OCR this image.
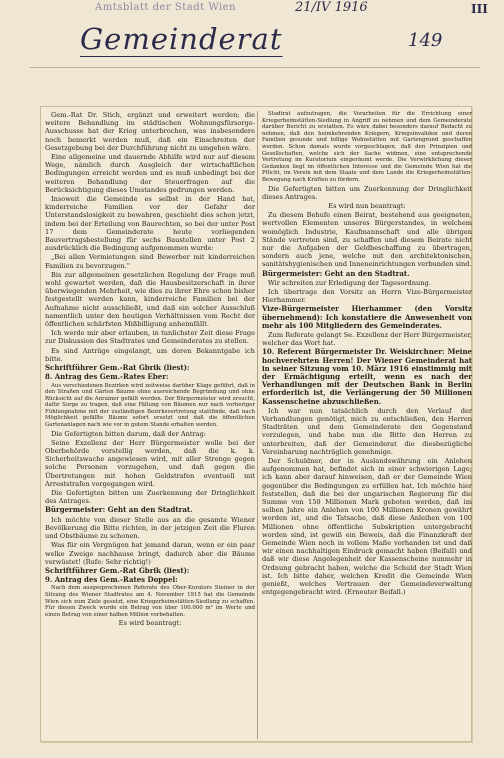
Amtsblatt der Stadt Wien	21/IV 1916	III
Gemeinderat	149

Gem.-Rat Dr. Stich, ergänzt und erweitert werden; die weitere Behandlung im städtischen Wohnungsfürsorge-Ausschusse hat der Krieg unterbrochen, was insbesondere noch bemerkt werden muß, daß ein Einschreiten der Gesetzgebung bei der Durchführung nicht zu umgehen wäre.

Eine allgemeine und dauernde Abhilfe wird nur auf diesem Wege, nämlich durch Ausgleich der wirtschaftlichen Bedingungen erreicht werden und es muß unbedingt bei der weiteren Behandlung der Steuerfragen auf die Berücksichtigung dieses Umstandes gedrungen werden.

Insoweit die Gemeinde es selbst in der Hand hat, kinderreiche Familien vor der Gefahr der Unterstandslosigkeit zu bewahren, geschieht dies schon jetzt, indem bei der Erteilung von Baurechten, so bei der unter Post 17 dem Gemeinderate heute vorliegenden Bauvertragsbestellung für sechs Baustellen unter Post 2 ausdrücklich die Bedingung aufgenommen wurde:

„Bei allen Vermietungen sind Bewerber mit kinderreichen Familien zu bevorzugen."

Bis zur allgemeinen gesetzlichen Regelung der Frage muß wohl gewartet werden, daß die Hausbesitzerschaft in ihrer überwiegenden Mehrheit, wie dies zu ihrer Ehre schon bisher festgestellt werden kann, kinderreiche Familien bei der Aufnahme nicht ausschließt, und daß ein solcher Ausschluß namentlich unter den heutigen Verhältnissen vom Recht der öffentlichen schärfsten Mißbilligung anheimfällt.

Ich werde mir aber erlauben, in tunlichster Zeit diese Frage zur Diskussion des Stadtrates und Gemeinderates zu stellen.

Es sind Anträge eingelangt, um deren Bekanntgabe ich bitte.

Schriftführer Gem.-Rat Gbrik (liest):

8. Antrag des Gem.-Rates Eber:

Aus verschiedenen Bezirken wird zeitweise darüber Klage geführt, daß in den Straßen und Gärten Bäume ohne ausreichende Begründung und ohne Rücksicht auf die Anrainer gefällt werden. Der Bürgermeister wird ersucht, dafür Sorge zu tragen, daß eine Fällung von Bäumen nur nach vorheriger Fühlungnahme mit der zuständigen Bezirksvertretung stattfinde, daß nach Möglichkeit gefällte Bäume sofort ersetzt und daß die öffentlichen Gartenanlagen nach wie vor in gutem Stande erhalten werden.

Die Gefertigten bitten darum, daß der Antrag:

Seine Exzellenz der Herr Bürgermeister wolle bei der Oberbehörde vorstellig werden, daß die k. k. Sicherheitswache angewiesen wird, mit aller Strenge gegen solche Personen vorzugehen, und daß gegen die Übertretungen mit hohen Geldstrafen eventuell mit Arreststrafen vorgegangen wird.

Die Gefertigten bitten um Zuerkennung der Dringlichkeit des Antrages.

Bürgermeister: Geht an den Stadtrat.

Ich möchte von dieser Stelle aus an die gesamte Wiener Bevölkerung die Bitte richten, in der jetzigen Zeit die Fluren und Obstbäume zu schonen.

Was für ein Vergnügen hat jemand daran, wenn er ein paar welke Zweige nachhause bringt, dadurch aber die Bäume verwüstet! (Rufe: Sehr richtig!)

Schriftführer Gem.-Rat Gbrik (liest):

9. Antrag des Gem.-Rates Doppel:

Nach dem ausgesprochenen Referate des Ober-Kurators Steiner in der Sitzung des Wiener Stadtrates am 4. November 1915 hat die Gemeinde Wien sich zum Ziele gesetzt, eine Kriegerheimstätten-Siedlung zu schaffen. Für diesen Zweck wurde ein Betrag von über 100.000 m² im Werte und einen Betrag von einer halben Million vorbehalten.

Es wird beantragt:

Stadtrat aufzutragen, die Vorarbeiten für die Errichtung einer Kriegerheimstätten-Siedlung in Angriff zu nehmen und dem Gemeinderate darüber Bericht zu erstatten. Es wäre dabei besonders darauf Bedacht zu nehmen, daß den heimkehrenden Kriegern, Kriegsinvaliden und deren Familien gesunde und billige Wohnstätten mit Gartengrund geschaffen werden. Schon damals wurde vorgeschlagen, daß den Prinzipien und Gesellschaften, welche sich der Sache widmen, eine entsprechende Vertretung im Kuratorium eingeräumt werde. Die Verwirklichung dieser Gedanken liegt im öffentlichen Interesse und die Gemeinde Wien hat die Pflicht, im Verein mit dem Staate und dem Lande die Kriegerheimstätten-Bewegung nach Kräften zu fördern.

Die Gefertigten bitten um Zuerkennung der Dringlichkeit dieses Antrages.

Es wird nun beantragt:

Zu diesem Behufe einen Beirat, bestehend aus geeigneten, wertvollen Elementen unseres Bürgerstandes, in welchem womöglich Industrie, Kaufmannschaft und alle übrigen Stände vertreten sind, zu schaffen und diesem Beirate nicht nur die Aufgaben der Geldbeschaffung zu übertragen, sondern auch jene, welche mit den architektonischen, sanitätshygienischen und Inneneinrichtungen verbunden sind.

Bürgermeister: Geht an den Stadtrat.

Wir schreiten zur Erledigung der Tagesordnung.

Ich übertrage den Vorsitz an Herrn Vize-Bürgermeister Hierhammer.

Vize-Bürgermeister Hierhammer (den Vorsitz übernehmend): Ich konstatiere die Anwesenheit von mehr als 100 Mitgliedern des Gemeinderates.

Zum Referate gelangt Se. Exzellenz der Herr Bürgermeister, welcher das Wort hat.

10. Referent Bürgermeister Dr. Weiskirchner: Meine hochverehrten Herren! Der Wiener Gemeinderat hat in seiner Sitzung vom 10. März 1916 einstimmig mit der Ermächtigung erteilt, wenn es nach der Verhandlungen mit der Deutschen Bank in Berlin erforderlich ist, die Verlängerung der 50 Millionen Kassenscheine abzuschließen.

Ich war nun tatsächlich durch den Verlauf der Verhandlungen genötigt, mich zu entschließen, den Herren Stadträten und dem Gemeinderate den Gegenstand vorzulegen, und habe nun die Bitte den Herren zu unterbreiten, daß der Gemeinderat die diesbezügliche Vereinbarung nachträglich genehmige.

Der Schuldner, der in Auslandswährung ein Anlehen aufgenommen hat, befindet sich in einer schwierigen Lage; ich kann aber darauf hinweisen, daß er der Gemeinde Wien gegenüber die Bedingungen zu erfüllen hat. Ich möchte hier feststellen, daß die bei der ungarischen Regierung für die Summe von 150 Millionen Mark geboten werden, daß im selben Jahre ein Anlehen von 100 Millionen Kronen gewährt worden ist, und die Tatsache, daß diese Anleihen von 100 Millionen ohne öffentliche Subskription untergebracht worden sind, ist gewiß ein Beweis, daß die Finanzkraft der Gemeinde Wien noch in vollem Maße vorhanden ist und daß wir einen nachhaltigen Eindruck gemacht haben (Beifall) und daß wir diese Angelegenheit der Kassenscheine nunmehr in Ordnung gebracht haben, welche die Schuld der Stadt Wien ist. Ich bitte daher, welchen Kredit die Gemeinde Wien genießt, welches Vertrauen der Gemeindeverwaltung entgegengebracht wird. (Erneuter Beifall.)
